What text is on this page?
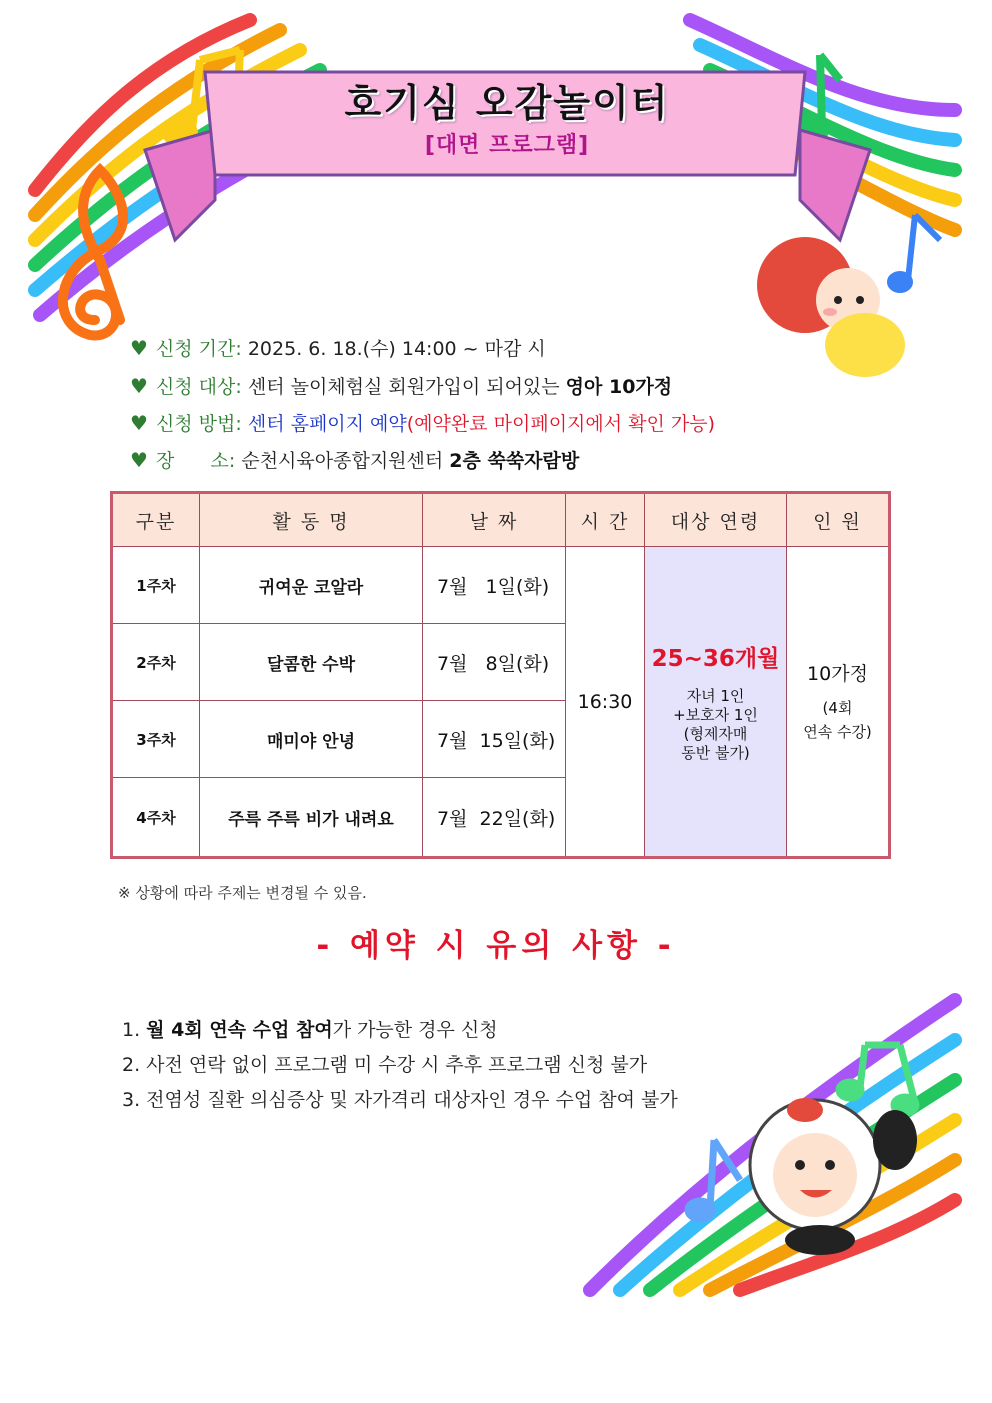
호기심 오감놀이터
[대면 프로그램]
♥ 신청 기간: 2025. 6. 18.(수) 14:00 ~ 마감 시
♥ 신청 대상: 센터 놀이체험실 회원가입이 되어있는 영아 10가정
♥ 신청 방법: 센터 홈페이지 예약(예약완료 마이페이지에서 확인 가능)
♥ 장      소: 순천시육아종합지원센터 2층 쑥쑥자람방
구분	활 동 명	날 짜	시 간	대상 연령	인 원
1주차	귀여운 코알라	7월   1일(화)	16:30	25~36개월
자녀 1인
+보호자 1인
(형제자매
동반 불가)	10가정
(4회
연속 수강)

2주차	달콤한 수박	7월   8일(화)			
3주차	매미야 안녕	7월  15일(화)			
4주차	주륵 주륵 비가 내려요	7월  22일(화)			
※ 상황에 따라 주제는 변경될 수 있음.
- 예약 시 유의 사항 -
1. 월 4회 연속 수업 참여가 가능한 경우 신청
2. 사전 연락 없이 프로그램 미 수강 시 추후 프로그램 신청 불가
3. 전염성 질환 의심증상 및 자가격리 대상자인 경우 수업 참여 불가
